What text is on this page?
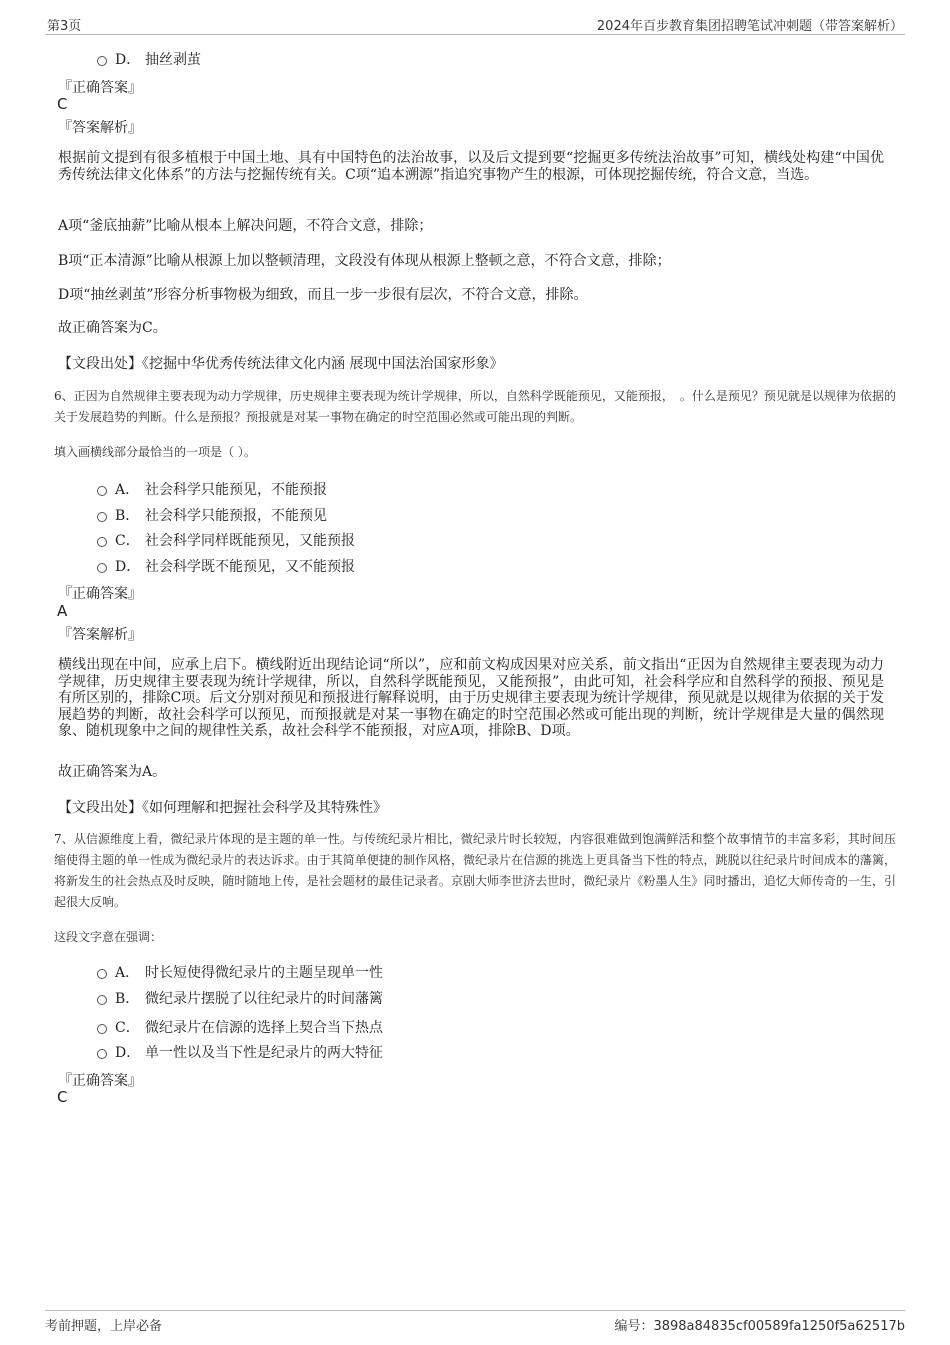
第3页	2024年百步教育集团招聘笔试冲刺题（带答案解析）
D． 抽丝剥茧
『正确答案』
C
『答案解析』
根据前文提到有很多植根于中国土地、具有中国特色的法治故事，以及后文提到要“挖掘更多传统法治故事”可知，横线处构建“中国优秀传统法律文化体系”的方法与挖掘传统有关。C项“追本溯源”指追究事物产生的根源，可体现挖掘传统，符合文意，当选。
A项“釜底抽薪”比喻从根本上解决问题，不符合文意，排除；
B项“正本清源”比喻从根源上加以整顿清理，文段没有体现从根源上整顿之意，不符合文意，排除；
D项“抽丝剥茧”形容分析事物极为细致，而且一步一步很有层次，不符合文意，排除。
故正确答案为C。
【文段出处】《挖掘中华优秀传统法律文化内涵 展现中国法治国家形象》
6、正因为自然规律主要表现为动力学规律，历史规律主要表现为统计学规律，所以，自然科学既能预见，又能预报，　。什么是预见？预见就是以规律为依据的关于发展趋势的判断。什么是预报？预报就是对某一事物在确定的时空范围必然或可能出现的判断。
填入画横线部分最恰当的一项是（ ）。
A． 社会科学只能预见，不能预报
B． 社会科学只能预报，不能预见
C． 社会科学同样既能预见，又能预报
D． 社会科学既不能预见，又不能预报
『正确答案』
A
『答案解析』
横线出现在中间，应承上启下。横线附近出现结论词“所以”，应和前文构成因果对应关系，前文指出“正因为自然规律主要表现为动力学规律，历史规律主要表现为统计学规律，所以，自然科学既能预见，又能预报”，由此可知，社会科学应和自然科学的预报、预见是有所区别的，排除C项。后文分别对预见和预报进行解释说明，由于历史规律主要表现为统计学规律，预见就是以规律为依据的关于发展趋势的判断，故社会科学可以预见，而预报就是对某一事物在确定的时空范围必然或可能出现的判断，统计学规律是大量的偶然现象、随机现象中之间的规律性关系，故社会科学不能预报，对应A项，排除B、D项。
故正确答案为A。
【文段出处】《如何理解和把握社会科学及其特殊性》
7、从信源维度上看，微纪录片体现的是主题的单一性。与传统纪录片相比，微纪录片时长较短，内容很难做到饱满鲜活和整个故事情节的丰富多彩，其时间压缩使得主题的单一性成为微纪录片的表达诉求。由于其简单便捷的制作风格，微纪录片在信源的挑选上更具备当下性的特点，跳脱以往纪录片时间成本的藩篱，将新发生的社会热点及时反映，随时随地上传，是社会题材的最佳记录者。京剧大师李世济去世时，微纪录片《粉墨人生》同时播出，追忆大师传奇的一生，引起很大反响。
这段文字意在强调：
A． 时长短使得微纪录片的主题呈现单一性
B． 微纪录片摆脱了以往纪录片的时间藩篱
C． 微纪录片在信源的选择上契合当下热点
D． 单一性以及当下性是纪录片的两大特征
『正确答案』
C
考前押题，上岸必备	编号：3898a84835cf00589fa1250f5a62517b
